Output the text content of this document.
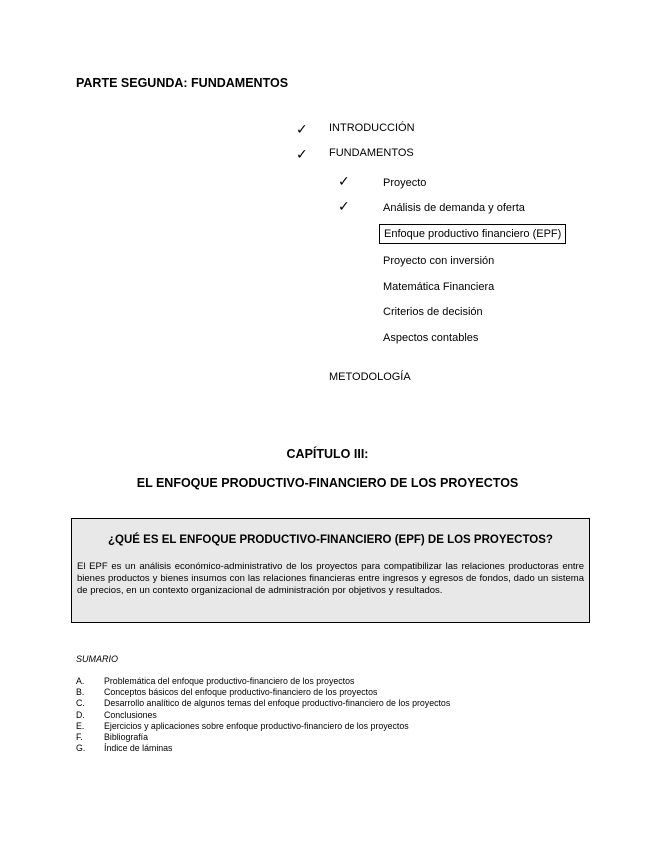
PARTE SEGUNDA: FUNDAMENTOS
✓ INTRODUCCIÓN
✓ FUNDAMENTOS
✓	Proyecto
✓	Análisis de demanda y oferta
Enfoque productivo financiero (EPF)
Proyecto con inversión
Matemática Financiera
Criterios de decisión
Aspectos contables
METODOLOGÍA
CAPÍTULO III:
EL ENFOQUE PRODUCTIVO-FINANCIERO DE LOS PROYECTOS
¿QUÉ ES EL ENFOQUE PRODUCTIVO-FINANCIERO (EPF) DE LOS PROYECTOS?
El EPF es un análisis económico-administrativo de los proyectos para compatibilizar las relaciones productoras entre bienes productos y bienes insumos con las relaciones financieras entre ingresos y egresos de fondos, dado un sistema de precios, en un contexto organizacional de administración por objetivos y resultados.
SUMARIO
A.	Problemática del enfoque productivo-financiero de los proyectos
B.	Conceptos básicos del enfoque productivo-financiero de los proyectos
C.	Desarrollo analítico de algunos temas del enfoque productivo-financiero de los proyectos
D.	Conclusiones
E.	Ejercicios y aplicaciones sobre enfoque productivo-financiero de los proyectos
F.	Bibliografía
G.	Índice de láminas
